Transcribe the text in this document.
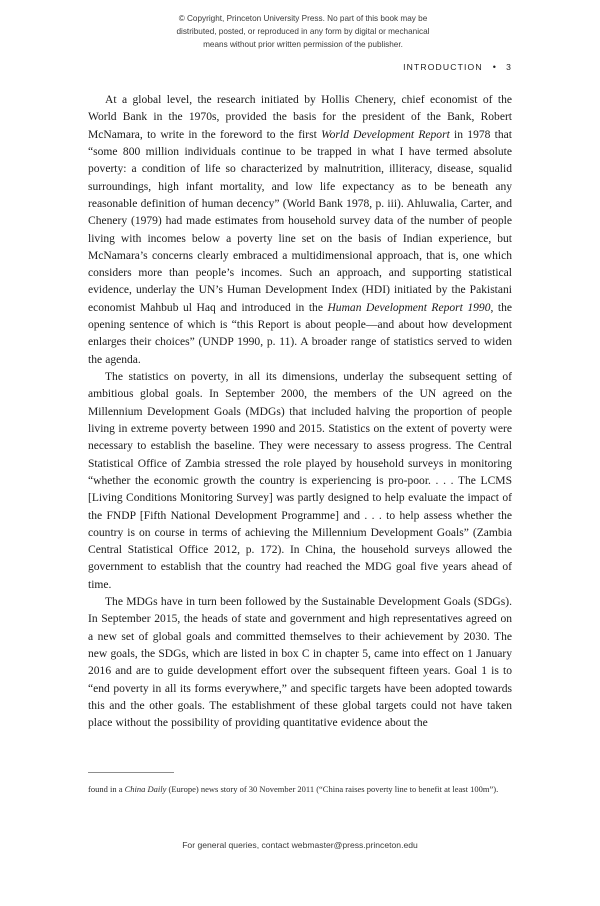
© Copyright, Princeton University Press. No part of this book may be
distributed, posted, or reproduced in any form by digital or mechanical
means without prior written permission of the publisher.
INTRODUCTION	•	3

At a global level, the research initiated by Hollis Chenery, chief economist of the World Bank in the 1970s, provided the basis for the president of the Bank, Robert McNamara, to write in the foreword to the first World Development Report in 1978 that “some 800 million individuals continue to be trapped in what I have termed absolute poverty: a condition of life so characterized by malnutrition, illiteracy, disease, squalid surroundings, high infant mortality, and low life expectancy as to be beneath any reasonable definition of human decency” (World Bank 1978, p. iii). Ahluwalia, Carter, and Chenery (1979) had made estimates from household survey data of the number of people living with incomes below a poverty line set on the basis of Indian experience, but McNamara’s concerns clearly embraced a multidimensional approach, that is, one which considers more than people’s incomes. Such an approach, and supporting statistical evidence, underlay the UN’s Human Development Index (HDI) initiated by the Pakistani economist Mahbub ul Haq and introduced in the Human Development Report 1990, the opening sentence of which is “this Report is about people—and about how development enlarges their choices” (UNDP 1990, p. 11). A broader range of statistics served to widen the agenda.

The statistics on poverty, in all its dimensions, underlay the subsequent setting of ambitious global goals. In September 2000, the members of the UN agreed on the Millennium Development Goals (MDGs) that included halving the proportion of people living in extreme poverty between 1990 and 2015. Statistics on the extent of poverty were necessary to establish the baseline. They were necessary to assess progress. The Central Statistical Office of Zambia stressed the role played by household surveys in monitoring “whether the economic growth the country is experiencing is pro-poor. . . . The LCMS [Living Conditions Monitoring Survey] was partly designed to help evaluate the impact of the FNDP [Fifth National Development Programme] and . . . to help assess whether the country is on course in terms of achieving the Millennium Development Goals” (Zambia Central Statistical Office 2012, p. 172). In China, the household surveys allowed the government to establish that the country had reached the MDG goal five years ahead of time.

The MDGs have in turn been followed by the Sustainable Development Goals (SDGs). In September 2015, the heads of state and government and high representatives agreed on a new set of global goals and committed themselves to their achievement by 2030. The new goals, the SDGs, which are listed in box C in chapter 5, came into effect on 1 January 2016 and are to guide development effort over the subsequent fifteen years. Goal 1 is to “end poverty in all its forms everywhere,” and specific targets have been adopted towards this and the other goals. The establishment of these global targets could not have taken place without the possibility of providing quantitative evidence about the

found in a China Daily (Europe) news story of 30 November 2011 (“China raises poverty line to benefit at least 100m”).

For general queries, contact webmaster@press.princeton.edu
